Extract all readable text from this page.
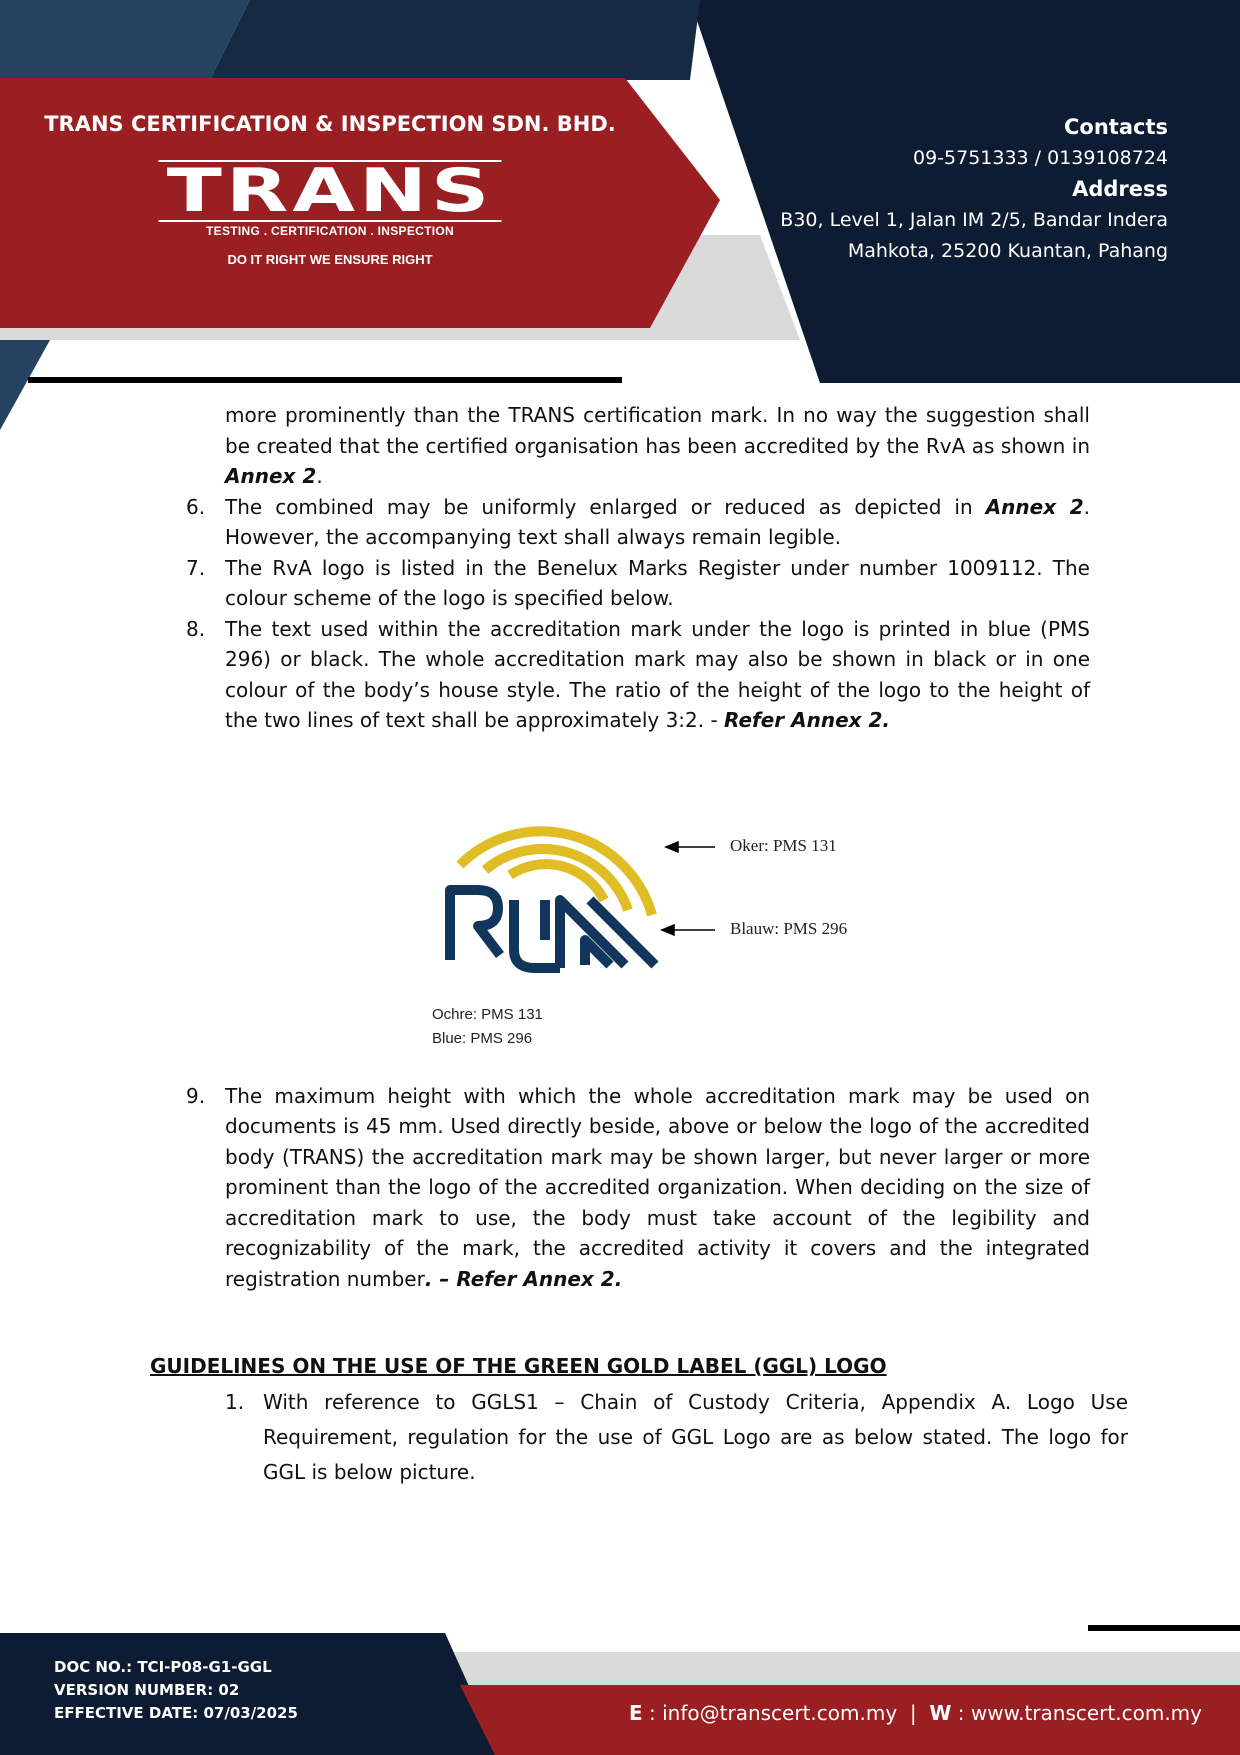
TRANS CERTIFICATION & INSPECTION SDN. BHD.
TRANS
TESTING . CERTIFICATION . INSPECTION
DO IT RIGHT WE ENSURE RIGHT
Contacts
09-5751333 / 0139108724
Address
B30, Level 1, Jalan IM 2/5, Bandar Indera
Mahkota, 25200 Kuantan, Pahang
more prominently than the TRANS certification mark. In no way the suggestion shall be created that the certified organisation has been accredited by the RvA as shown in Annex 2.
6. The combined may be uniformly enlarged or reduced as depicted in Annex 2. However, the accompanying text shall always remain legible.
7. The RvA logo is listed in the Benelux Marks Register under number 1009112. The colour scheme of the logo is specified below.
8. The text used within the accreditation mark under the logo is printed in blue (PMS 296) or black. The whole accreditation mark may also be shown in black or in one colour of the body’s house style. The ratio of the height of the logo to the height of the two lines of text shall be approximately 3:2. - Refer Annex 2.
9. The maximum height with which the whole accreditation mark may be used on documents is 45 mm. Used directly beside, above or below the logo of the accredited body (TRANS) the accreditation mark may be shown larger, but never larger or more prominent than the logo of the accredited organization. When deciding on the size of accreditation mark to use, the body must take account of the legibility and recognizability of the mark, the accredited activity it covers and the integrated registration number. – Refer Annex 2.
Oker: PMS 131
Blauw: PMS 296
Ochre: PMS 131
Blue: PMS 296
GUIDELINES ON THE USE OF THE GREEN GOLD LABEL (GGL) LOGO
1. With reference to GGLS1 – Chain of Custody Criteria, Appendix A. Logo Use Requirement, regulation for the use of GGL Logo are as below stated. The logo for GGL is below picture.
DOC NO.: TCI-P08-G1-GGL
VERSION NUMBER: 02
EFFECTIVE DATE: 07/03/2025	E : info@transcert.com.my | W : www.transcert.com.my
